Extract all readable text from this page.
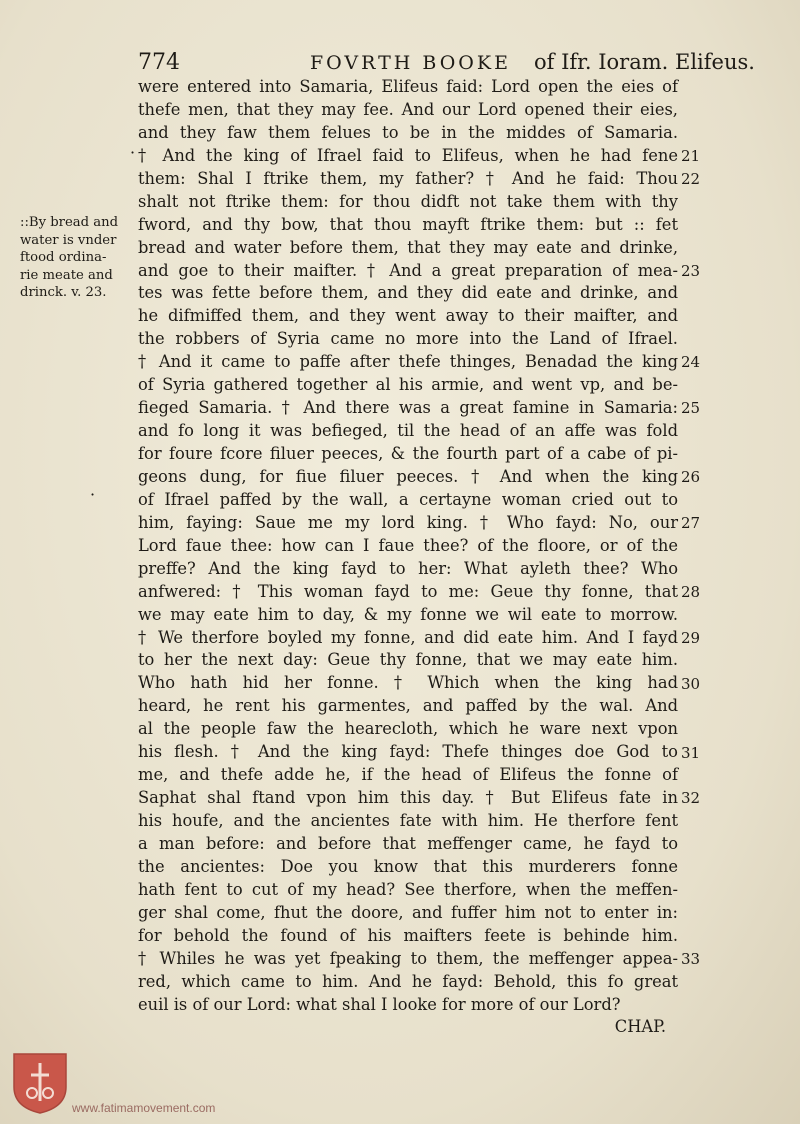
774	FOVRTH BOOKE of Ifr. Ioram. Elifeus.
::By bread and
water is vnder
ftood ordina-
rie meate and
drinck. v. 23.
·
·
were entered into Samaria, Elifeus faid: Lord open the eies of
thefe men, that they may fee. And our Lord opened their eies,
and they faw them felues to be in the middes of Samaria.
† And the king of Ifrael faid to Elifeus, when he had fene
them: Shal I ftrike them, my father? † And he faid: Thou
shalt not ftrike them: for thou didft not take them with thy
fword, and thy bow, that thou mayft ftrike them: but :: fet
bread and water before them, that they may eate and drinke,
and goe to their maifter. † And a great preparation of mea-
tes was fette before them, and they did eate and drinke, and
he difmiffed them, and they went away to their maifter, and
the robbers of Syria came no more into the Land of Ifrael.
† And it came to paffe after thefe thinges, Benadad the king
of Syria gathered together al his armie, and went vp, and be-
fieged Samaria. † And there was a great famine in Samaria:
and fo long it was befieged, til the head of an affe was fold
for foure fcore filuer peeces, & the fourth part of a cabe of pi-
geons dung, for fiue filuer peeces. † And when the king
of Ifrael paffed by the wall, a certayne woman cried out to
him, faying: Saue me my lord king. † Who fayd: No, our
Lord faue thee: how can I faue thee? of the floore, or of the
preffe? And the king fayd to her: What ayleth thee? Who
anfwered: † This woman fayd to me: Geue thy fonne, that
we may eate him to day, & my fonne we wil eate to morrow.
† We therfore boyled my fonne, and did eate him. And I fayd
to her the next day: Geue thy fonne, that we may eate him.
Who hath hid her fonne. † Which when the king had
heard, he rent his garmentes, and paffed by the wal. And
al the people faw the hearecloth, which he ware next vpon
his flesh. † And the king fayd: Thefe thinges doe God to
me, and thefe adde he, if the head of Elifeus the fonne of
Saphat shal ftand vpon him this day. † But Elifeus fate in
his houfe, and the ancientes fate with him. He therfore fent
a man before: and before that meffenger came, he fayd to
the ancientes: Doe you know that this murderers fonne
hath fent to cut of my head? See therfore, when the meffen-
ger shal come, fhut the doore, and fuffer him not to enter in:
for behold the found of his maifters feete is behinde him.
† Whiles he was yet fpeaking to them, the meffenger appea-
red, which came to him. And he fayd: Behold, this fo great
euil is of our Lord: what shal I looke for more of our Lord?
CHAP.
21
22
23
24
25
26
27
28
29
30
31
32
33
www.fatimamovement.com
